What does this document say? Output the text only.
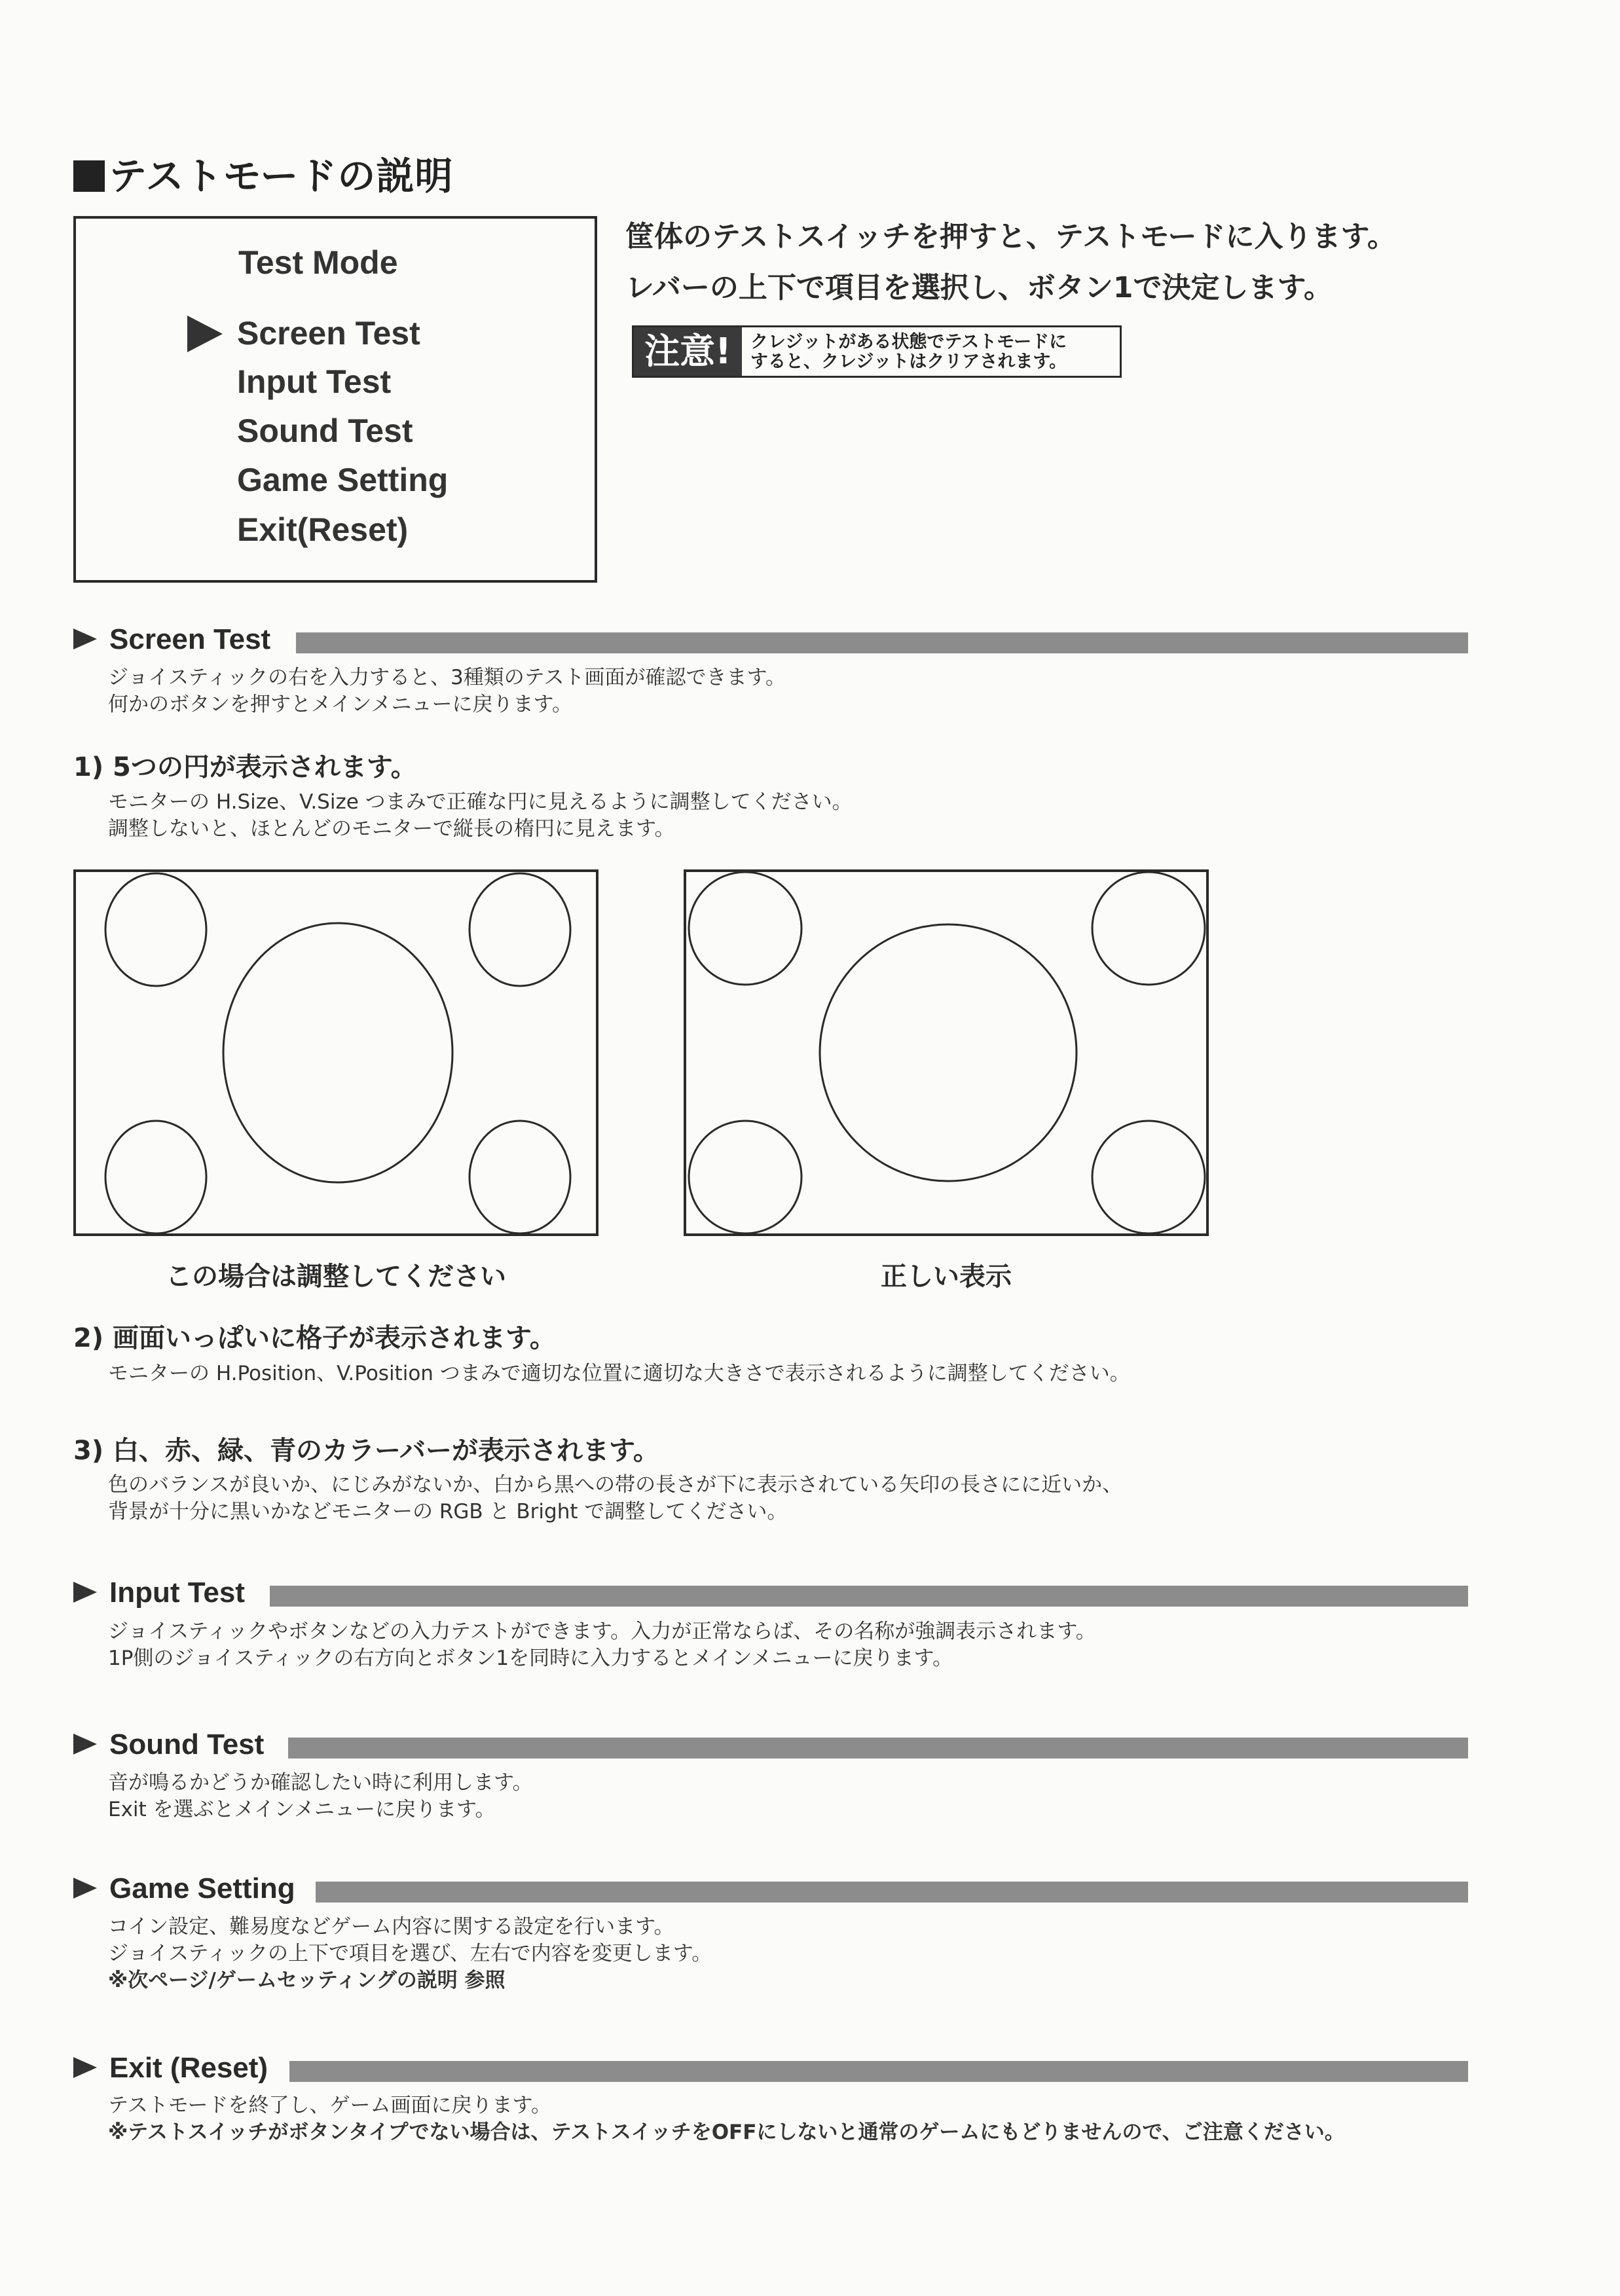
テストモードの説明
Test Mode
Screen Test
Input Test
Sound Test
Game Setting
Exit(Reset)
筐体のテストスイッチを押すと、テストモードに入ります。
レバーの上下で項目を選択し、ボタン1で決定します。
注意!	クレジットがある状態でテストモードに
すると、クレジットはクリアされます。
Screen Test
ジョイスティックの右を入力すると、3種類のテスト画面が確認できます。
何かのボタンを押すとメインメニューに戻ります。
1) 5つの円が表示されます。
モニターの H.Size、V.Size つまみで正確な円に見えるように調整してください。
調整しないと、ほとんどのモニターで縦長の楕円に見えます。
この場合は調整してください	正しい表示
2) 画面いっぱいに格子が表示されます。
モニターの H.Position、V.Position つまみで適切な位置に適切な大きさで表示されるように調整してください。
3) 白、赤、緑、青のカラーバーが表示されます。
色のバランスが良いか、にじみがないか、白から黒への帯の長さが下に表示されている矢印の長さにに近いか、
背景が十分に黒いかなどモニターの RGB と Bright で調整してください。
Input Test
ジョイスティックやボタンなどの入力テストができます。入力が正常ならば、その名称が強調表示されます。
1P側のジョイスティックの右方向とボタン1を同時に入力するとメインメニューに戻ります。
Sound Test
音が鳴るかどうか確認したい時に利用します。
Exit を選ぶとメインメニューに戻ります。
Game Setting
コイン設定、難易度などゲーム内容に関する設定を行います。
ジョイスティックの上下で項目を選び、左右で内容を変更します。
※次ページ/ゲームセッティングの説明 参照
Exit (Reset)
テストモードを終了し、ゲーム画面に戻ります。
※テストスイッチがボタンタイプでない場合は、テストスイッチをOFFにしないと通常のゲームにもどりませんので、ご注意ください。
